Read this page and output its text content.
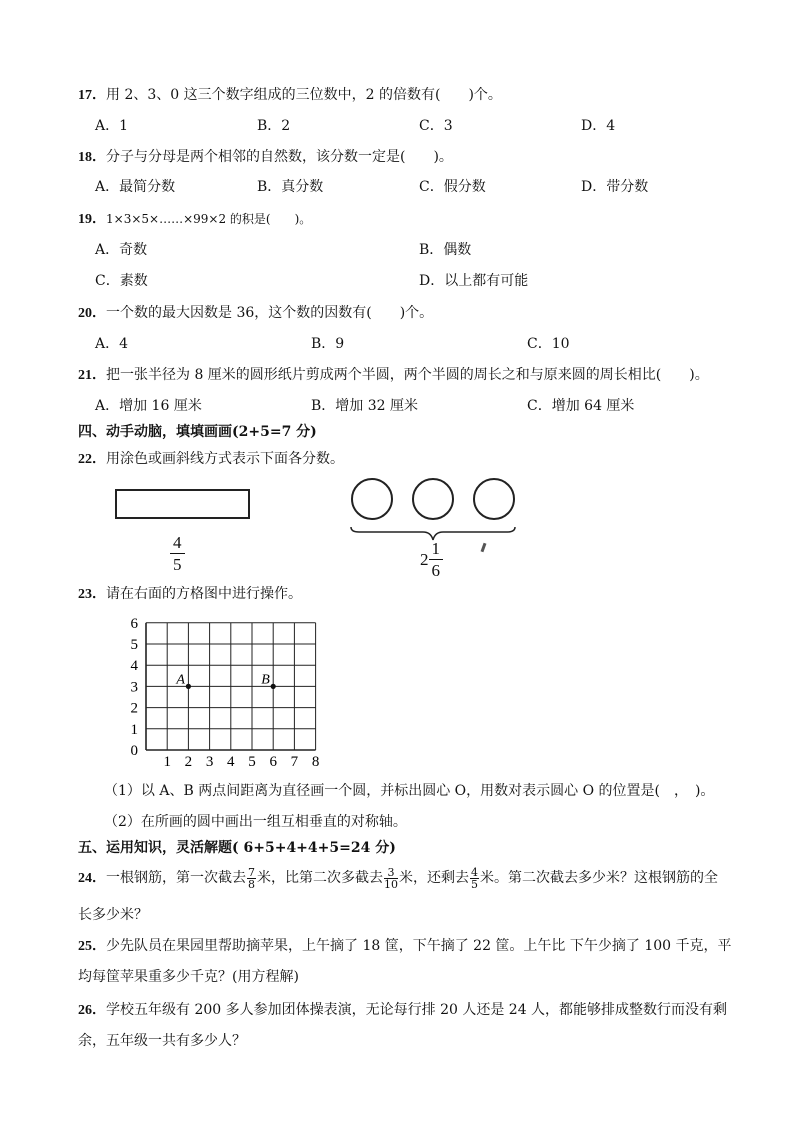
17．用 2、3、0 这三个数字组成的三位数中，2 的倍数有(　　)个。
A．1	B．2	C．3	D．4
18．分子与分母是两个相邻的自然数，该分数一定是(　　)。
A．最简分数	B．真分数	C．假分数	D．带分数
19．1×3×5×……×99×2 的积是(　　)。
A．奇数	B．偶数
C．素数	D．以上都有可能
20．一个数的最大因数是 36，这个数的因数有(　　)个。
A．4	B．9	C．10
21．把一张半径为 8 厘米的圆形纸片剪成两个半圆，两个半圆的周长之和与原来圆的周长相比(　　)。
A．增加 16 厘米	B．增加 32 厘米	C．增加 64 厘米
四、动手动脑，填填画画(2+5=7 分)
22．用涂色或画斜线方式表示下面各分数。
$\frac{4}{5}$	$2 \frac{1}{6}$
23．请在右面的方格图中进行操作。
1 2 3 4 5 6 7 8
0
1
2
3
4
5
6
A	B
（1）以 A、B 两点间距离为直径画一个圆，并标出圆心 O，用数对表示圆心 O 的位置是(　，　)。
（2）在所画的圆中画出一组互相垂直的对称轴。
五、运用知识，灵活解题( 6+5+4+4+5=24 分)
24．一根钢筋，第一次截去 $\frac{7}{8}$ 米，比第二次多截去 $\frac{3}{10}$ 米，还剩去 $\frac{4}{5}$ 米。第二次截去多少米？这根钢筋的全
长多少米？
25．少先队员在果园里帮助摘苹果，上午摘了 18 筐，下午摘了 22 筐。上午比 下午少摘了 100 千克，平
均每筐苹果重多少千克？(用方程解)
26．学校五年级有 200 多人参加团体操表演，无论每行排 20 人还是 24 人，都能够排成整数行而没有剩
余，五年级一共有多少人？
